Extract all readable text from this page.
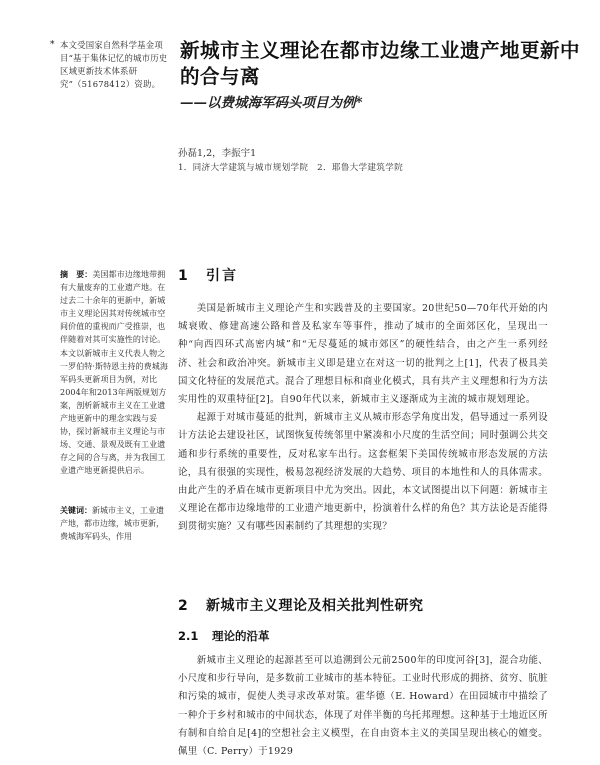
* 本文受国家自然科学基金项目“基于集体记忆的城市历史区域更新技术体系研究”（51678412）资助。
新城市主义理论在都市边缘工业遗产地更新中的合与离
——以费城海军码头项目为例*
孙磊1,2，李振宇1
1．同济大学建筑与城市规划学院　2．耶鲁大学建筑学院
摘　要：美国都市边缘地带拥有大量废弃的工业遗产地。在过去二十余年的更新中，新城市主义理论因其对传统城市空间价值的重视而广受推崇，也伴随着对其可实施性的讨论。本文以新城市主义代表人物之一罗伯特·斯特恩主持的费城海军码头更新项目为例，对比2004年和2013年两版规划方案，剖析新城市主义在工业遗产地更新中的理念实践与妥协，探讨新城市主义理论与市场、交通、景观及既有工业遗存之间的合与离，并为我国工业遗产地更新提供启示。
关键词：新城市主义，工业遗产地，都市边缘，城市更新，费城海军码头，作用
1 引言

美国是新城市主义理论产生和实践普及的主要国家。20世纪50—70年代开始的内城衰败、修建高速公路和普及私家车等事件，推动了城市的全面郊区化，呈现出一种“向西四环式高密内城”和“无尽蔓延的城市郊区”的硬性结合，由之产生一系列经济、社会和政治冲突。新城市主义即是建立在对这一切的批判之上[1]，代表了极具美国文化特征的发展范式。混合了理想目标和商业化模式，具有共产主义理想和行为方法实用性的双重特征[2]。自90年代以来，新城市主义逐渐成为主流的城市规划理论。

起源于对城市蔓延的批判，新城市主义从城市形态学角度出发，倡导通过一系列设计方法论去建设社区，试图恢复传统邻里中紧凑和小尺度的生活空间；同时强调公共交通和步行系统的重要性，反对私家车出行。这套框架下美国传统城市形态发展的方法论，具有很强的实现性，极易忽视经济发展的大趋势、项目的本地性和人的具体需求。由此产生的矛盾在城市更新项目中尤为突出。因此，本文试图提出以下问题：新城市主义理论在都市边缘地带的工业遗产地更新中，扮演着什么样的角色？其方法论是否能得到贯彻实施？又有哪些因素制约了其理想的实现？

2 新城市主义理论及相关批判性研究
2.1 理论的沿革

新城市主义理论的起源甚至可以追溯到公元前2500年的印度河谷[3]，混合功能、小尺度和步行导向，是多数前工业城市的基本特征。工业时代形成的拥挤、贫穷、肮脏和污染的城市，促使人类寻求改革对策。霍华德（E. Howard）在田园城市中描绘了一种介于乡村和城市的中间状态，体现了对伴半衡的乌托邦理想。这种基于土地近区所有制和自给自足[4]的空想社会主义模型，在自由资本主义的美国呈现出核心的嬗变。佩里（C. Perry）于1929
